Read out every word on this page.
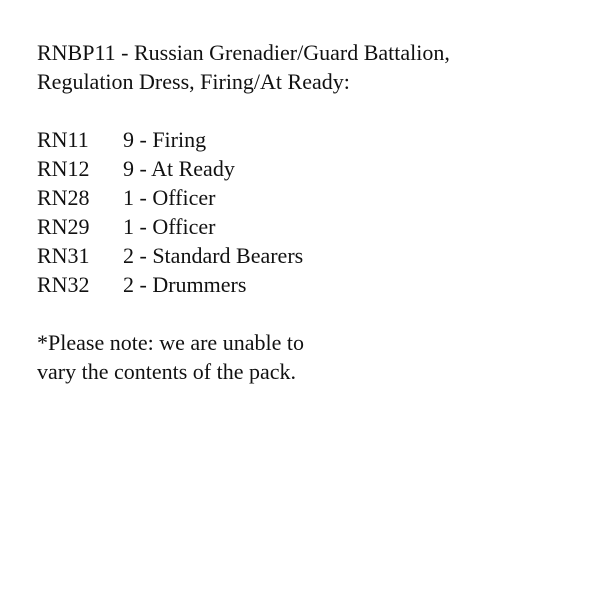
RNBP11 - Russian Grenadier/Guard Battalion,
Regulation Dress, Firing/At Ready:
RN11	9 - Firing
RN12	9 - At Ready
RN28	1 - Officer
RN29	1 - Officer
RN31	2 - Standard Bearers
RN32	2 - Drummers
*Please note: we are unable to
vary the contents of the pack.
